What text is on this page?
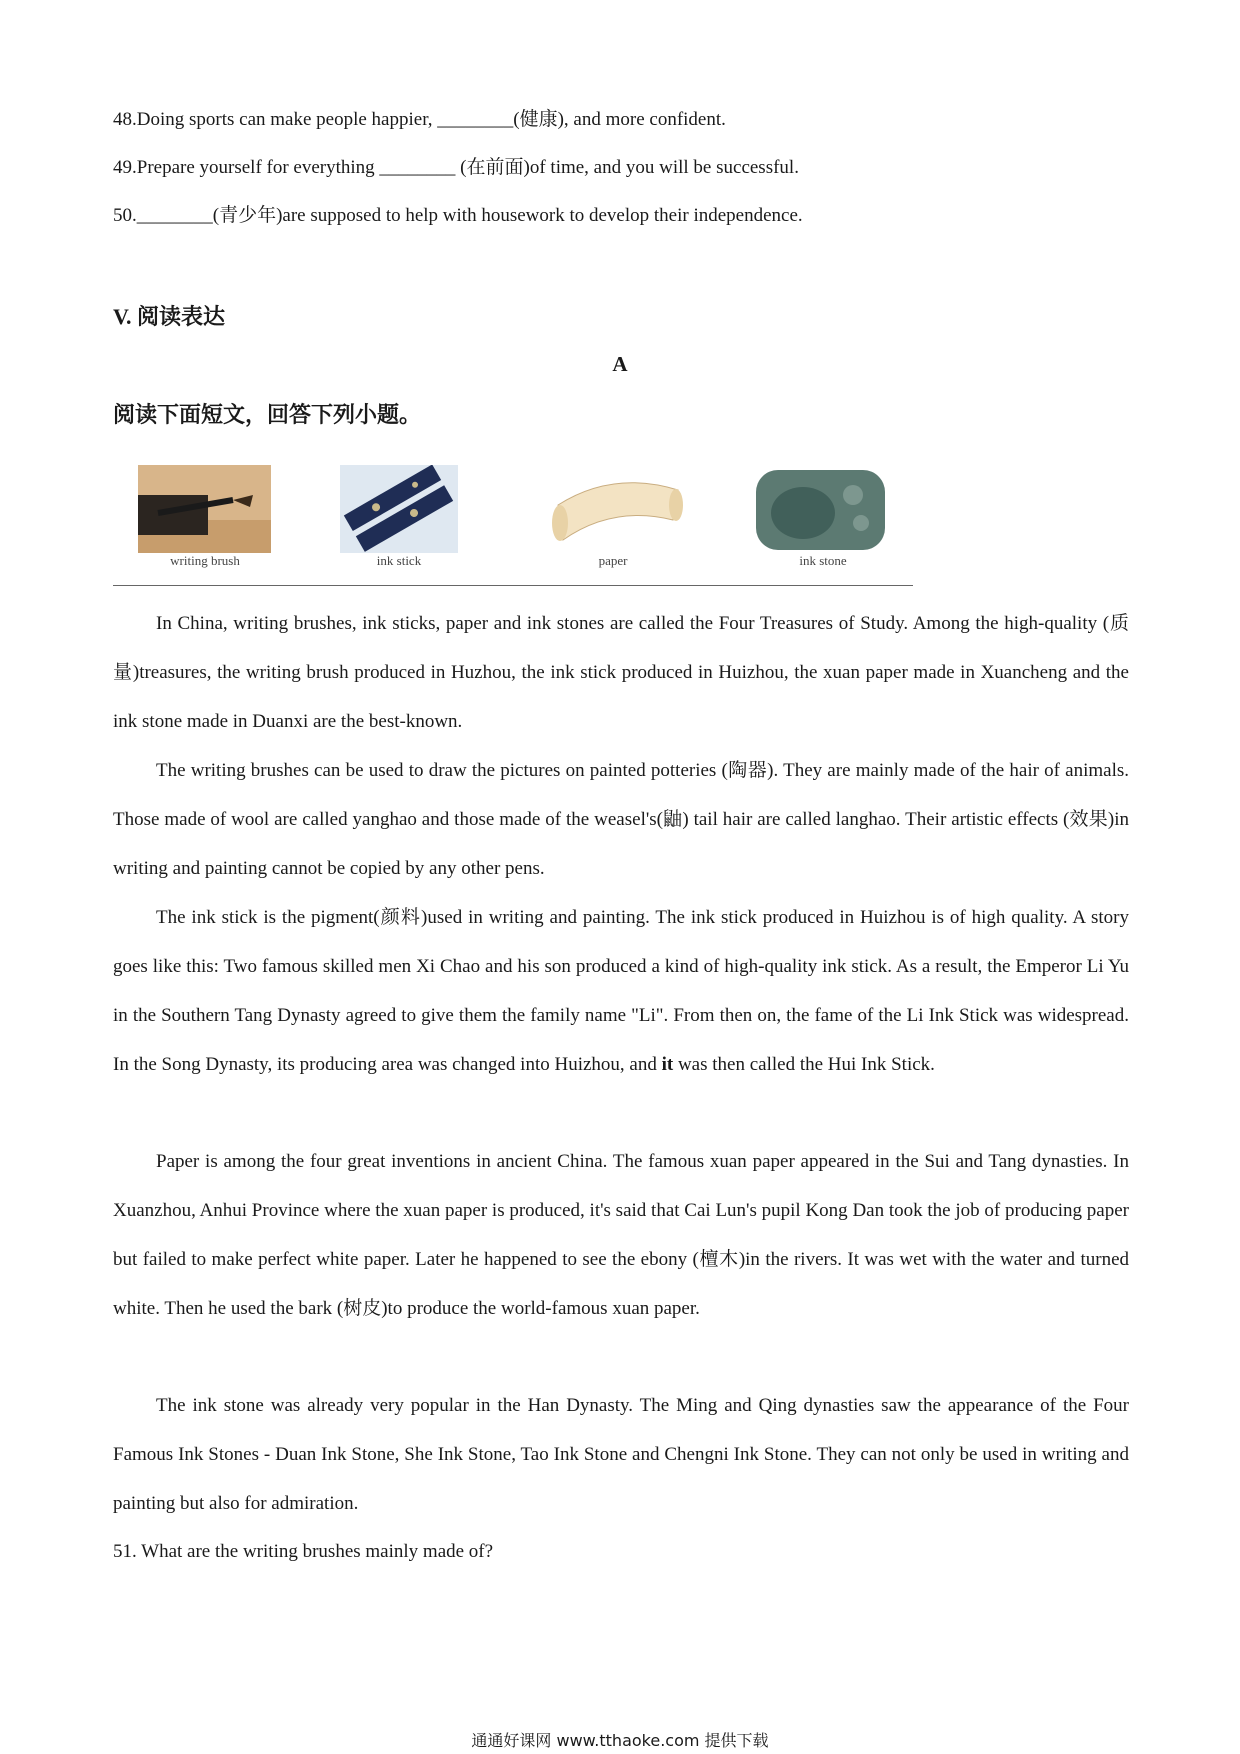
48.Doing sports can make people happier, ________(健康), and more confident.
49.Prepare yourself for everything ________ (在前面)of time, and you will be successful.
50.________(青少年)are supposed to help with housework to develop their independence.
V. 阅读表达
A
阅读下面短文，回答下列小题。
writing brush	ink stick	paper	ink stone
In China, writing brushes, ink sticks, paper and ink stones are called the Four Treasures of Study. Among the high-quality (质量)treasures, the writing brush produced in Huzhou, the ink stick produced in Huizhou, the xuan paper made in Xuancheng and the ink stone made in Duanxi are the best-known.
The writing brushes can be used to draw the pictures on painted potteries (陶器). They are mainly made of the hair of animals. Those made of wool are called yanghao and those made of the weasel's(鼬) tail hair are called langhao. Their artistic effects (效果)in writing and painting cannot be copied by any other pens.
The ink stick is the pigment(颜料)used in writing and painting. The ink stick produced in Huizhou is of high quality. A story goes like this: Two famous skilled men Xi Chao and his son produced a kind of high-quality ink stick. As a result, the Emperor Li Yu in the Southern Tang Dynasty agreed to give them the family name "Li". From then on, the fame of the Li Ink Stick was widespread. In the Song Dynasty, its producing area was changed into Huizhou, and it was then called the Hui Ink Stick.
Paper is among the four great inventions in ancient China. The famous xuan paper appeared in the Sui and Tang dynasties. In Xuanzhou, Anhui Province where the xuan paper is produced, it's said that Cai Lun's pupil Kong Dan took the job of producing paper but failed to make perfect white paper. Later he happened to see the ebony (檀木)in the rivers. It was wet with the water and turned white. Then he used the bark (树皮)to produce the world-famous xuan paper.
The ink stone was already very popular in the Han Dynasty. The Ming and Qing dynasties saw the appearance of the Four Famous Ink Stones - Duan Ink Stone, She Ink Stone, Tao Ink Stone and Chengni Ink Stone. They can not only be used in writing and painting but also for admiration.
51. What are the writing brushes mainly made of?
通通好课网 www.tthaoke.com 提供下载
